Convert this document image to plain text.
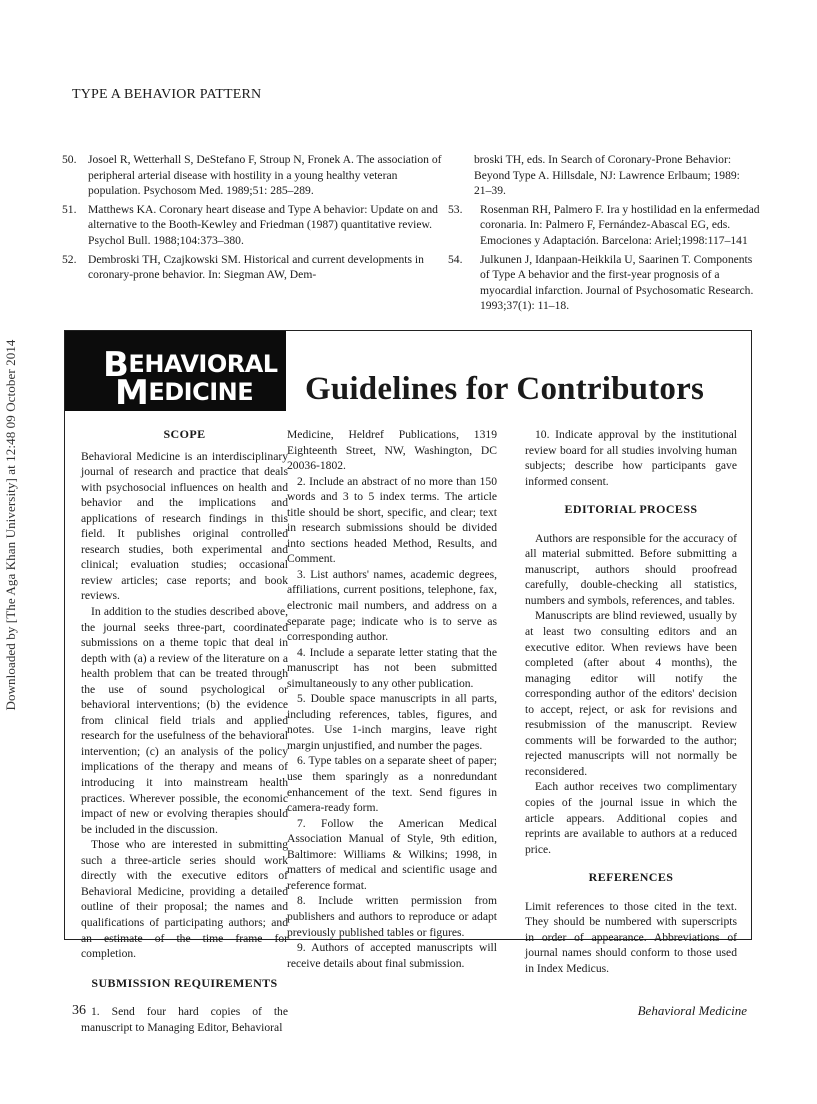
Downloaded by [The Aga Khan University] at 12:48 09 October 2014
TYPE A BEHAVIOR PATTERN
50. Josoel R, Wetterhall S, DeStefano F, Stroup N, Fronek A. The association of peripheral arterial disease with hostility in a young healthy veteran population. Psychosom Med. 1989;51: 285–289.
51. Matthews KA. Coronary heart disease and Type A behavior: Update on and alternative to the Booth-Kewley and Friedman (1987) quantitative review. Psychol Bull. 1988;104:373–380.
52. Dembroski TH, Czajkowski SM. Historical and current developments in coronary-prone behavior. In: Siegman AW, Dem-
broski TH, eds. In Search of Coronary-Prone Behavior: Beyond Type A. Hillsdale, NJ: Lawrence Erlbaum; 1989: 21–39.
53. Rosenman RH, Palmero F. Ira y hostilidad en la enfermedad coronaria. In: Palmero F, Fernández-Abascal EG, eds. Emociones y Adaptación. Barcelona: Ariel;1998:117–141
54. Julkunen J, Idanpaan-Heikkila U, Saarinen T. Components of Type A behavior and the first-year prognosis of a myocardial infarction. Journal of Psychosomatic Research. 1993;37(1): 11–18.
BEHAVIORAL
MEDICINE Guidelines for Contributors
SCOPE

Behavioral Medicine is an interdisciplinary journal of research and practice that deals with psychosocial influences on health and behavior and the implications and applications of research findings in this field. It publishes original controlled research studies, both experimental and clinical; evaluation studies; occasional review articles; case reports; and book reviews.

In addition to the studies described above, the journal seeks three-part, coordinated submissions on a theme topic that deal in depth with (a) a review of the literature on a health problem that can be treated through the use of sound psychological or behavioral interventions; (b) the evidence from clinical field trials and applied research for the usefulness of the behavioral intervention; (c) an analysis of the policy implications of the therapy and means of introducing it into mainstream health practices. Wherever possible, the economic impact of new or evolving therapies should be included in the discussion.

Those who are interested in submitting such a three-article series should work directly with the executive editors of Behavioral Medicine, providing a detailed outline of their proposal; the names and qualifications of participating authors; and an estimate of the time frame for completion.

SUBMISSION REQUIREMENTS

1. Send four hard copies of the manuscript to Managing Editor, Behavioral

Medicine, Heldref Publications, 1319 Eighteenth Street, NW, Washington, DC 20036-1802.

2. Include an abstract of no more than 150 words and 3 to 5 index terms. The article title should be short, specific, and clear; text in research submissions should be divided into sections headed Method, Results, and Comment.

3. List authors' names, academic degrees, affiliations, current positions, telephone, fax, electronic mail numbers, and address on a separate page; indicate who is to serve as corresponding author.

4. Include a separate letter stating that the manuscript has not been submitted simultaneously to any other publication.

5. Double space manuscripts in all parts, including references, tables, figures, and notes. Use 1-inch margins, leave right margin unjustified, and number the pages.

6. Type tables on a separate sheet of paper; use them sparingly as a nonredundant enhancement of the text. Send figures in camera-ready form.

7. Follow the American Medical Association Manual of Style, 9th edition, Baltimore: Williams & Wilkins; 1998, in matters of medical and scientific usage and reference format.

8. Include written permission from publishers and authors to reproduce or adapt previously published tables or figures.

9. Authors of accepted manuscripts will receive details about final submission.

10. Indicate approval by the institutional review board for all studies involving human subjects; describe how participants gave informed consent.

EDITORIAL PROCESS

Authors are responsible for the accuracy of all material submitted. Before submitting a manuscript, authors should proofread carefully, double-checking all statistics, numbers and symbols, references, and tables.

Manuscripts are blind reviewed, usually by at least two consulting editors and an executive editor. When reviews have been completed (after about 4 months), the managing editor will notify the corresponding author of the editors' decision to accept, reject, or ask for revisions and resubmission of the manuscript. Review comments will be forwarded to the author; rejected manuscripts will not normally be reconsidered.

Each author receives two complimentary copies of the journal issue in which the article appears. Additional copies and reprints are available to authors at a reduced price.

REFERENCES

Limit references to those cited in the text. They should be numbered with superscripts in order of appearance. Abbreviations of journal names should conform to those used in Index Medicus.

36	Behavioral Medicine
